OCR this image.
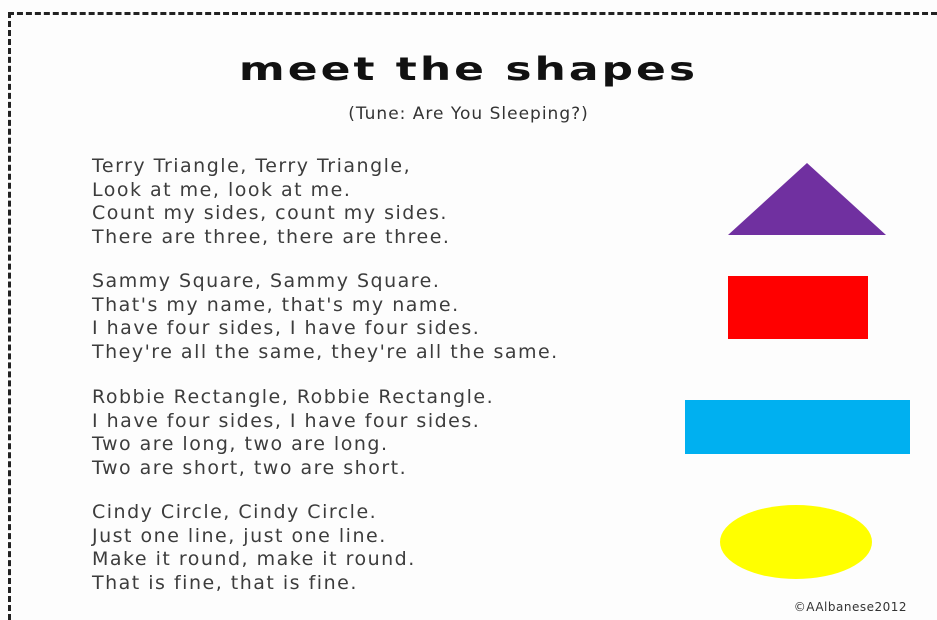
meet the shapes
(Tune: Are You Sleeping?)
Terry Triangle, Terry Triangle,
Look at me, look at me.
Count my sides, count my sides.
There are three, there are three.
Sammy Square, Sammy Square.
That's my name, that's my name.
I have four sides, I have four sides.
They're all the same, they're all the same.
Robbie Rectangle, Robbie Rectangle.
I have four sides, I have four sides.
Two are long, two are long.
Two are short, two are short.
Cindy Circle, Cindy Circle.
Just one line, just one line.
Make it round, make it round.
That is fine, that is fine.
©AAlbanese2012
